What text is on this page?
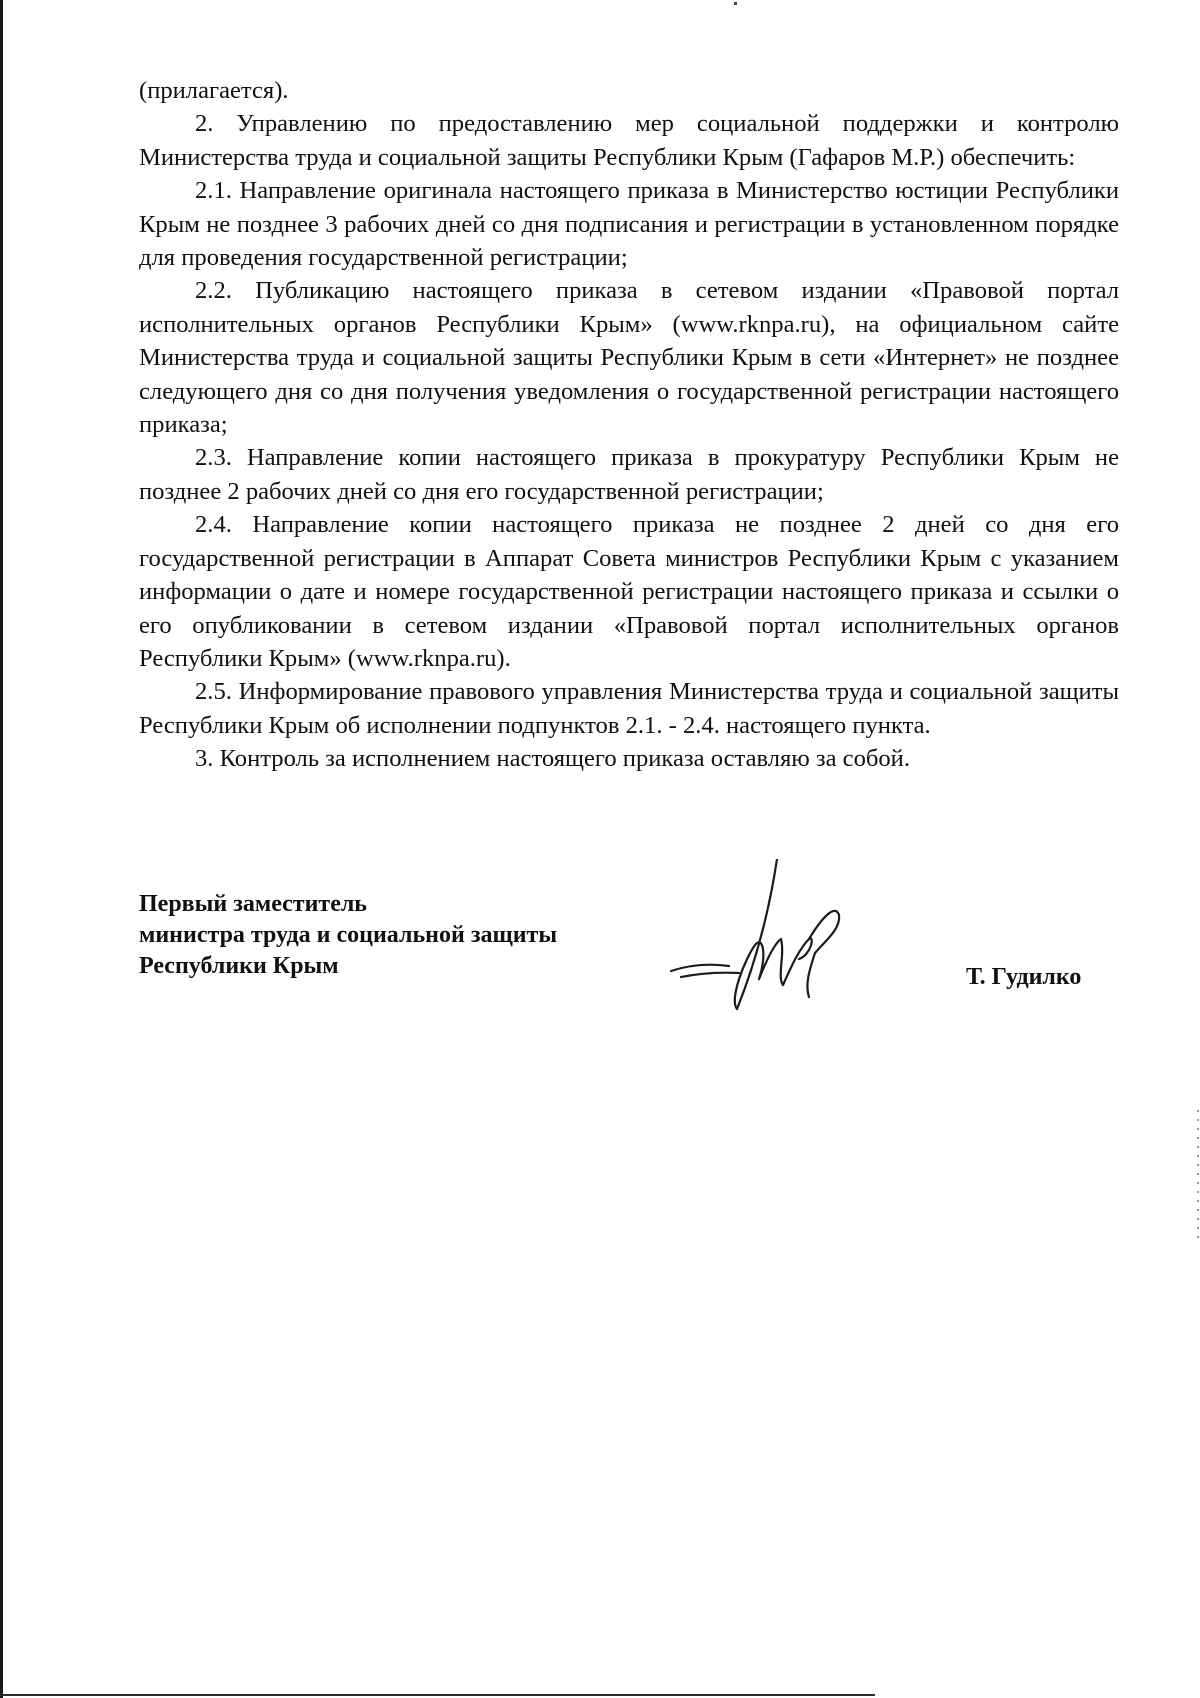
(прилагается).

2. Управлению по предоставлению мер социальной поддержки и контролю Министерства труда и социальной защиты Республики Крым (Гафаров М.Р.) обеспечить:

2.1. Направление оригинала настоящего приказа в Министерство юстиции Республики Крым не позднее 3 рабочих дней со дня подписания и регистрации в установленном порядке для проведения государственной регистрации;

2.2. Публикацию настоящего приказа в сетевом издании «Правовой портал исполнительных органов Республики Крым» (www.rknpa.ru), на официальном сайте Министерства труда и социальной защиты Республики Крым в сети «Интернет» не позднее следующего дня со дня получения уведомления о государственной регистрации настоящего приказа;

2.3. Направление копии настоящего приказа в прокуратуру Республики Крым не позднее 2 рабочих дней со дня его государственной регистрации;

2.4. Направление копии настоящего приказа не позднее 2 дней со дня его государственной регистрации в Аппарат Совета министров Республики Крым с указанием информации о дате и номере государственной регистрации настоящего приказа и ссылки о его опубликовании в сетевом издании «Правовой портал исполнительных органов Республики Крым» (www.rknpa.ru).

2.5. Информирование правового управления Министерства труда и социальной защиты Республики Крым об исполнении подпунктов 2.1. - 2.4. настоящего пункта.

3. Контроль за исполнением настоящего приказа оставляю за собой.

Первый заместитель
министра труда и социальной защиты
Республики Крым	Т. Гудилко
